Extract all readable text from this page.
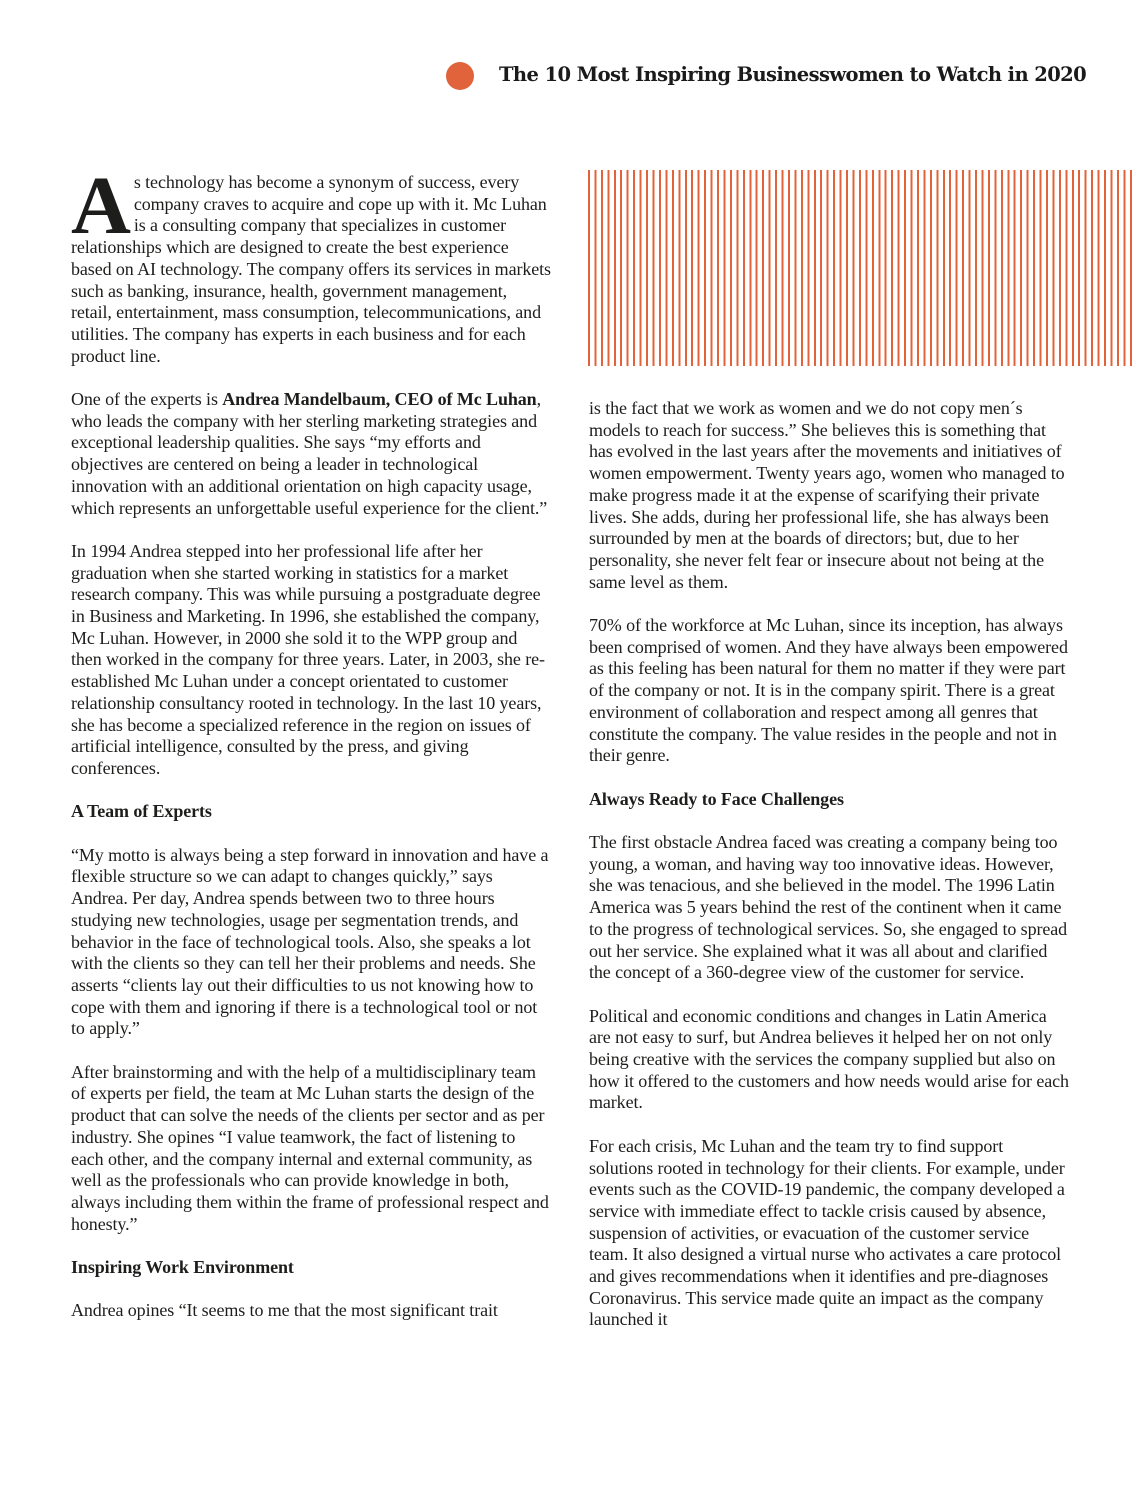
The 10 Most Inspiring Businesswomen to Watch in 2020

As technology has become a synonym of success, every company craves to acquire and cope up with it. Mc Luhan is a consulting company that specializes in customer relationships which are designed to create the best experience based on AI technology. The company offers its services in markets such as banking, insurance, health, government management, retail, entertainment, mass consumption, telecommunications, and utilities. The company has experts in each business and for each product line.

One of the experts is Andrea Mandelbaum, CEO of Mc Luhan, who leads the company with her sterling marketing strategies and exceptional leadership qualities. She says “my efforts and objectives are centered on being a leader in technological innovation with an additional orientation on high capacity usage, which represents an unforgettable useful experience for the client.”

In 1994 Andrea stepped into her professional life after her graduation when she started working in statistics for a market research company. This was while pursuing a postgraduate degree in Business and Marketing. In 1996, she established the company, Mc Luhan. However, in 2000 she sold it to the WPP group and then worked in the company for three years. Later, in 2003, she re-established Mc Luhan under a concept orientated to customer relationship consultancy rooted in technology. In the last 10 years, she has become a specialized reference in the region on issues of artificial intelligence, consulted by the press, and giving conferences.

A Team of Experts

“My motto is always being a step forward in innovation and have a flexible structure so we can adapt to changes quickly,” says Andrea. Per day, Andrea spends between two to three hours studying new technologies, usage per segmentation trends, and behavior in the face of technological tools. Also, she speaks a lot with the clients so they can tell her their problems and needs. She asserts “clients lay out their difficulties to us not knowing how to cope with them and ignoring if there is a technological tool or not to apply.”

After brainstorming and with the help of a multidisciplinary team of experts per field, the team at Mc Luhan starts the design of the product that can solve the needs of the clients per sector and as per industry. She opines “I value teamwork, the fact of listening to each other, and the company internal and external community, as well as the professionals who can provide knowledge in both, always including them within the frame of professional respect and honesty.”

Inspiring Work Environment

Andrea opines “It seems to me that the most significant trait

is the fact that we work as women and we do not copy men´s models to reach for success.” She believes this is something that has evolved in the last years after the movements and initiatives of women empowerment. Twenty years ago, women who managed to make progress made it at the expense of scarifying their private lives. She adds, during her professional life, she has always been surrounded by men at the boards of directors; but, due to her personality, she never felt fear or insecure about not being at the same level as them.

70% of the workforce at Mc Luhan, since its inception, has always been comprised of women. And they have always been empowered as this feeling has been natural for them no matter if they were part of the company or not. It is in the company spirit. There is a great environment of collaboration and respect among all genres that constitute the company. The value resides in the people and not in their genre.

Always Ready to Face Challenges

The first obstacle Andrea faced was creating a company being too young, a woman, and having way too innovative ideas. However, she was tenacious, and she believed in the model. The 1996 Latin America was 5 years behind the rest of the continent when it came to the progress of technological services. So, she engaged to spread out her service. She explained what it was all about and clarified the concept of a 360-degree view of the customer for service.

Political and economic conditions and changes in Latin America are not easy to surf, but Andrea believes it helped her on not only being creative with the services the company supplied but also on how it offered to the customers and how needs would arise for each market.

For each crisis, Mc Luhan and the team try to find support solutions rooted in technology for their clients. For example, under events such as the COVID-19 pandemic, the company developed a service with immediate effect to tackle crisis caused by absence, suspension of activities, or evacuation of the customer service team. It also designed a virtual nurse who activates a care protocol and gives recommendations when it identifies and pre-diagnoses Coronavirus. This service made quite an impact as the company launched it
